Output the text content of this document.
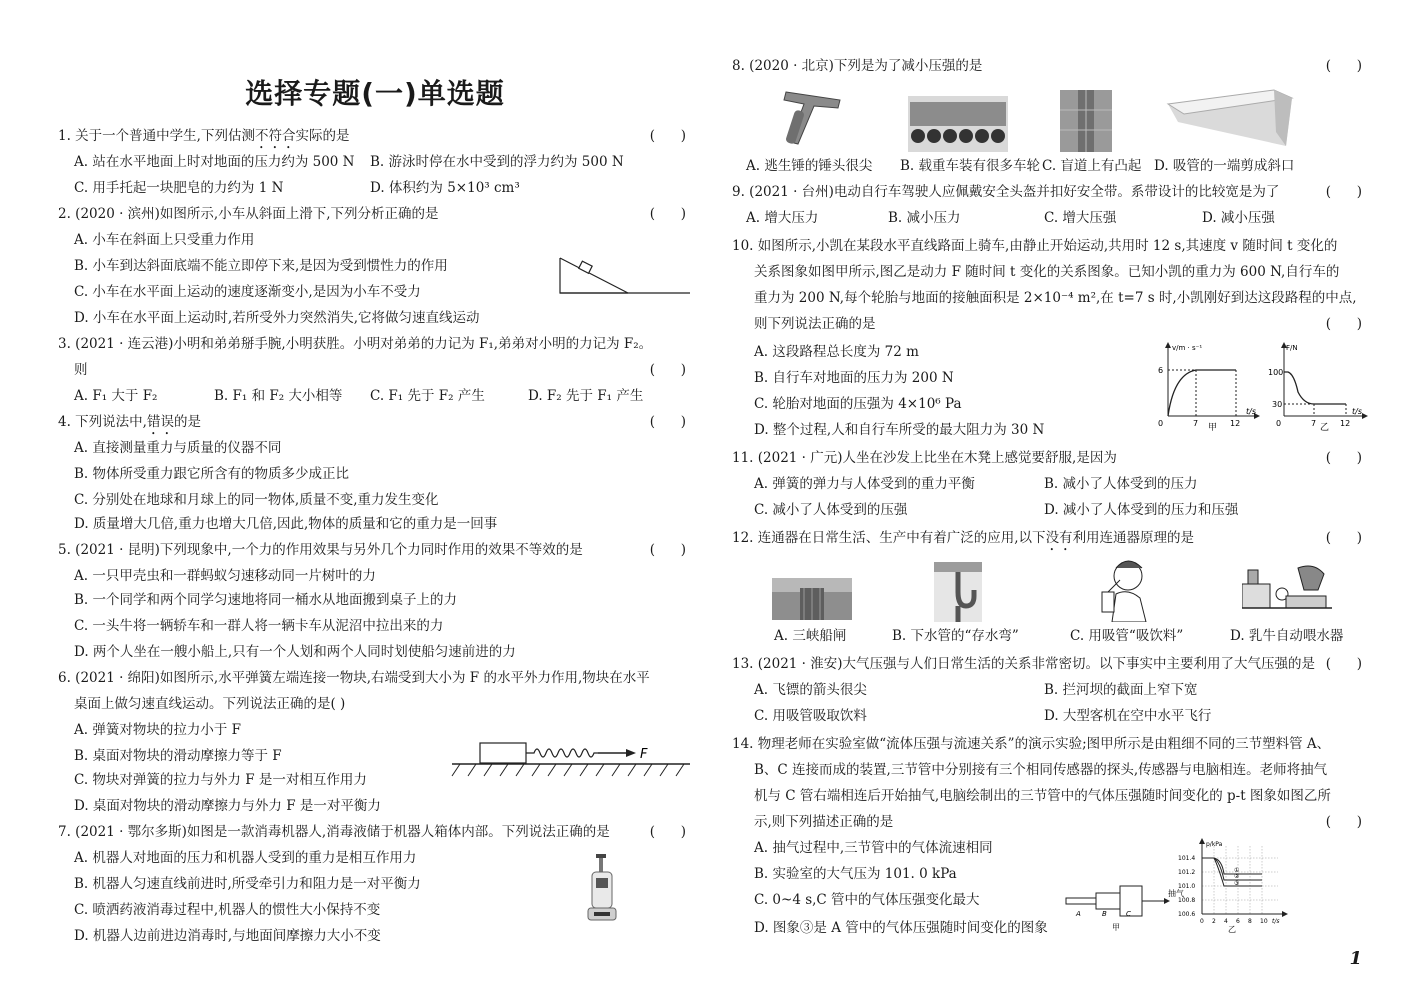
选择专题(一)单选题
1. 关于一个普通中学生,下列估测不符合实际的是	(      )
A. 站在水平地面上时对地面的压力约为 500 N B. 游泳时停在水中受到的浮力约为 500 N
C. 用手托起一块肥皂的力约为 1 N	D. 体积约为 5×10³ cm³
2. (2020 · 滨州)如图所示,小车从斜面上滑下,下列分析正确的是	(      )
A. 小车在斜面上只受重力作用
B. 小车到达斜面底端不能立即停下来,是因为受到惯性力的作用
C. 小车在水平面上运动的速度逐渐变小,是因为小车不受力
D. 小车在水平面上运动时,若所受外力突然消失,它将做匀速直线运动
3. (2021 · 连云港)小明和弟弟掰手腕,小明获胜。小明对弟弟的力记为 F₁,弟弟对小明的力记为 F₂。
则	(      )
A. F₁ 大于 F₂	B. F₁ 和 F₂ 大小相等 C. F₁ 先于 F₂ 产生	D. F₂ 先于 F₁ 产生
4. 下列说法中,错误的是	(      )
A. 直接测量重力与质量的仪器不同
B. 物体所受重力跟它所含有的物质多少成正比
C. 分别处在地球和月球上的同一物体,质量不变,重力发生变化
D. 质量增大几倍,重力也增大几倍,因此,物体的质量和它的重力是一回事
5. (2021 · 昆明)下列现象中,一个力的作用效果与另外几个力同时作用的效果不等效的是	(      )
A. 一只甲壳虫和一群蚂蚁匀速移动同一片树叶的力
B. 一个同学和两个同学匀速地将同一桶水从地面搬到桌子上的力
C. 一头牛将一辆轿车和一群人将一辆卡车从泥沼中拉出来的力
D. 两个人坐在一艘小船上,只有一个人划和两个人同时划使船匀速前进的力
6. (2021 · 绵阳)如图所示,水平弹簧左端连接一物块,右端受到大小为 F 的水平外力作用,物块在水平
桌面上做匀速直线运动。下列说法正确的是( )
A. 弹簧对物块的拉力小于 F
B. 桌面对物块的滑动摩擦力等于 F
C. 物块对弹簧的拉力与外力 F 是一对相互作用力
D. 桌面对物块的滑动摩擦力与外力 F 是一对平衡力
F
7. (2021 · 鄂尔多斯)如图是一款消毒机器人,消毒液储于机器人箱体内部。下列说法正确的是	(      )
A. 机器人对地面的压力和机器人受到的重力是相互作用力
B. 机器人匀速直线前进时,所受牵引力和阻力是一对平衡力
C. 喷洒药液消毒过程中,机器人的惯性大小保持不变
D. 机器人边前进边消毒时,与地面间摩擦力大小不变
8. (2020 · 北京)下列是为了减小压强的是	(      )
A. 逃生锤的锤头很尖 B. 载重车装有很多车轮 C. 盲道上有凸起 D. 吸管的一端剪成斜口
9. (2021 · 台州)电动自行车驾驶人应佩戴安全头盔并扣好安全带。系带设计的比较宽是为了	(      )
A. 增大压力	B. 减小压力	C. 增大压强	D. 减小压强
10. 如图所示,小凯在某段水平直线路面上骑车,由静止开始运动,共用时 12 s,其速度 v 随时间 t 变化的
关系图象如图甲所示,图乙是动力 F 随时间 t 变化的关系图象。已知小凯的重力为 600 N,自行车的
重力为 200 N,每个轮胎与地面的接触面积是 2×10⁻⁴ m²,在 t=7 s 时,小凯刚好到达这段路程的中点,
则下列说法正确的是	(      )
A. 这段路程总长度为 72 m
B. 自行车对地面的压力为 200 N
C. 轮胎对地面的压强为 4×10⁶ Pa
D. 整个过程,人和自行车所受的最大阻力为 30 N
v/m · s⁻¹
6
0	7	12
t/s
甲
F/N
100
30
0	7	12
t/s
乙
11. (2021 · 广元)人坐在沙发上比坐在木凳上感觉要舒服,是因为	(      )
A. 弹簧的弹力与人体受到的重力平衡	B. 减小了人体受到的压力
C. 减小了人体受到的压强	D. 减小了人体受到的压力和压强
12. 连通器在日常生活、生产中有着广泛的应用,以下没有利用连通器原理的是	(      )
A. 三峡船闸	B. 下水管的“存水弯”	C. 用吸管“吸饮料”	D. 乳牛自动喂水器
13. (2021 · 淮安)大气压强与人们日常生活的关系非常密切。以下事实中主要利用了大气压强的是 (      )
A. 飞镖的箭头很尖	B. 拦河坝的截面上窄下宽
C. 用吸管吸取饮料	D. 大型客机在空中水平飞行
14. 物理老师在实验室做“流体压强与流速关系”的演示实验;图甲所示是由粗细不同的三节塑料管 A、
B、C 连接而成的装置,三节管中分别接有三个相同传感器的探头,传感器与电脑相连。老师将抽气
机与 C 管右端相连后开始抽气,电脑绘制出的三节管中的气体压强随时间变化的 p-t 图象如图乙所
示,则下列描述正确的是	(      )
A. 抽气过程中,三节管中的气体流速相同
B. 实验室的大气压为 101. 0 kPa
C. 0~4 s,C 管中的气体压强变化最大
D. 图象③是 A 管中的气体压强随时间变化的图象
抽气
A	B	C
甲
①
②
③
p/kPa
101.4
101.2
101.0
100.8
100.6
0 2 4 6 8 10 t/s
乙
1
